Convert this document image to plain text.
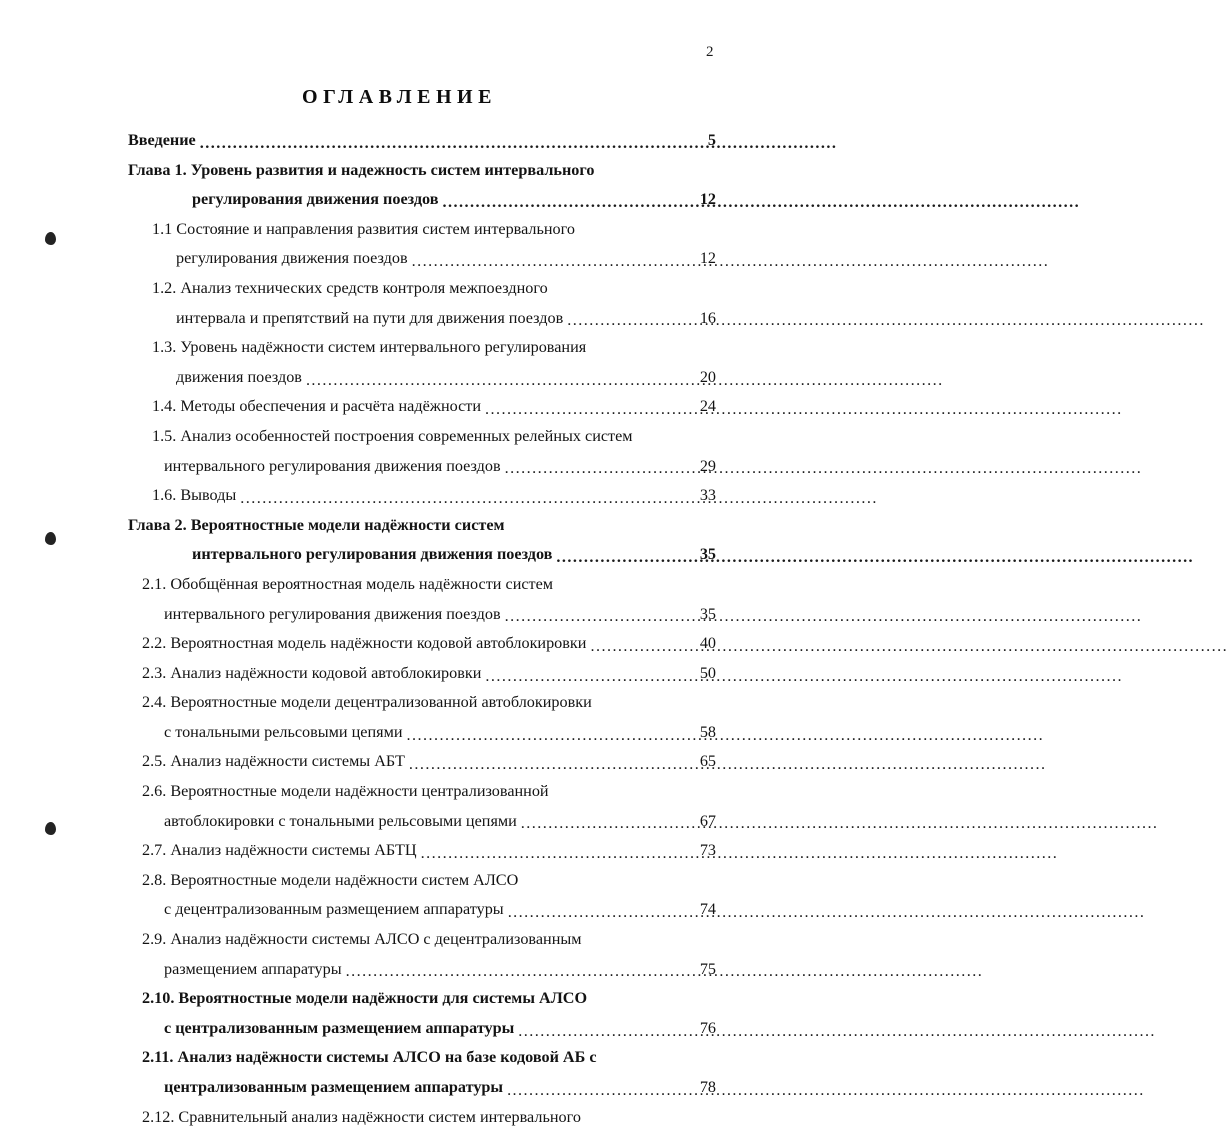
2
ОГЛАВЛЕНИЕ
Введение .....	5
Глава 1. Уровень развития и надежность систем интервального
регулирования движения поездов .....	12
1.1 Состояние и направления развития систем интервального
регулирования движения поездов .....	12
1.2. Анализ технических средств контроля межпоездного
интервала и препятствий на пути для движения поездов .....	16
1.3. Уровень надёжности систем интервального регулирования
движения поездов .....	20
1.4. Методы обеспечения и расчёта надёжности .....	24
1.5. Анализ особенностей построения современных релейных систем
интервального регулирования движения поездов .....	29
1.6. Выводы .....	33
Глава 2. Вероятностные модели надёжности систем
интервального регулирования движения поездов .....	35
2.1. Обобщённая вероятностная модель надёжности систем
интервального регулирования движения поездов .....	35
2.2. Вероятностная модель надёжности кодовой автоблокировки .....	40
2.3. Анализ надёжности кодовой автоблокировки .....	50
2.4. Вероятностные модели децентрализованной автоблокировки
с тональными рельсовыми цепями .....	58
2.5. Анализ надёжности системы АБТ .....	65
2.6. Вероятностные модели надёжности централизованной
автоблокировки с тональными рельсовыми цепями .....	67
2.7. Анализ надёжности системы АБТЦ .....	73
2.8. Вероятностные модели надёжности систем АЛСО
с децентрализованным размещением аппаратуры .....	74
2.9. Анализ надёжности системы АЛСО с децентрализованным
размещением аппаратуры .....	75
2.10. Вероятностные модели надёжности для системы АЛСО
с централизованным размещением аппаратуры .....	76
2.11. Анализ надёжности системы АЛСО на базе кодовой АБ с
централизованным размещением аппаратуры .....	78
2.12. Сравнительный анализ надёжности систем интервального
